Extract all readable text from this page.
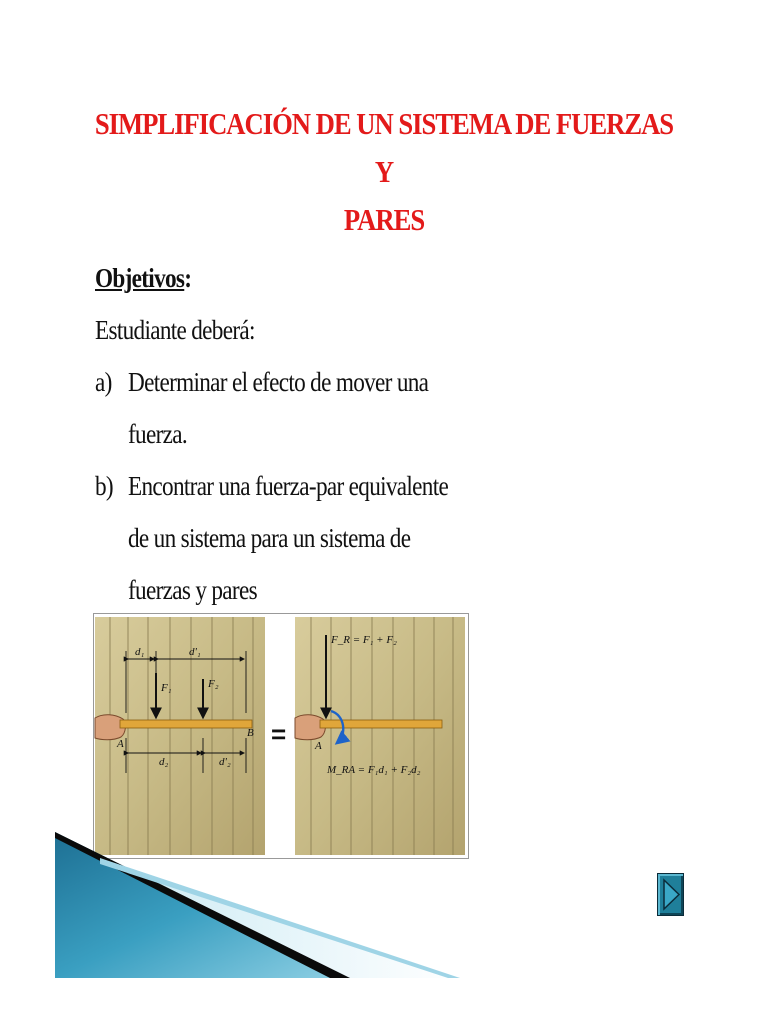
SIMPLIFICACIÓN DE UN SISTEMA DE FUERZAS Y
PARES
Objetivos:
Estudiante deberá:
a) Determinar el efecto de mover una
fuerza.
b) Encontrar una fuerza-par equivalente
de un sistema para un sistema de
fuerzas y pares
d₁	d'₁
F₁	F₂
A
B
d₂	d'₂
=
F_R = F₁ + F₂
A
M_RA = F₁d₁ + F₂d₂
